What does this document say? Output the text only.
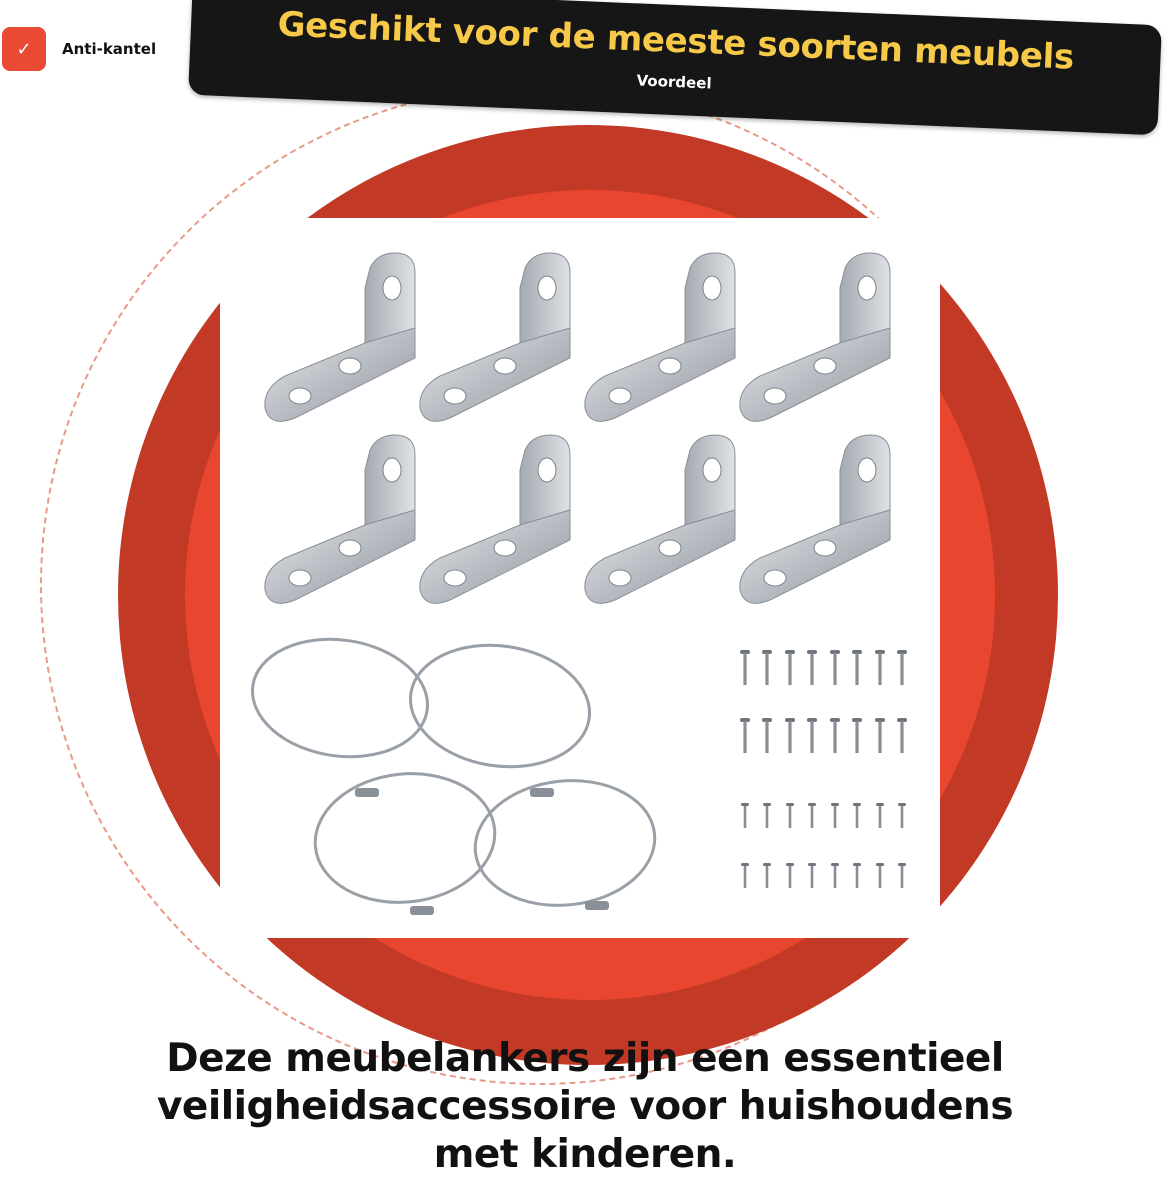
✓	Anti-kantel	Geschikt voor de meeste soorten meubels
Voordeel
Deze meubelankers zijn een essentieel
veiligheidsaccessoire voor huishoudens
met kinderen.
